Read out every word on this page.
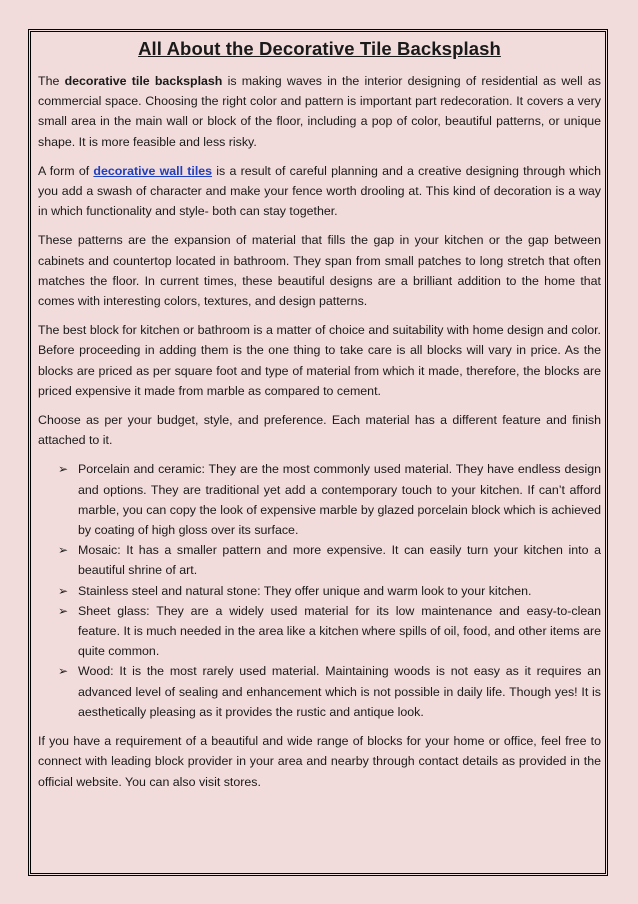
All About the Decorative Tile Backsplash

The decorative tile backsplash is making waves in the interior designing of residential as well as commercial space. Choosing the right color and pattern is important part redecoration. It covers a very small area in the main wall or block of the floor, including a pop of color, beautiful patterns, or unique shape. It is more feasible and less risky.

A form of decorative wall tiles is a result of careful planning and a creative designing through which you add a swash of character and make your fence worth drooling at. This kind of decoration is a way in which functionality and style- both can stay together.

These patterns are the expansion of material that fills the gap in your kitchen or the gap between cabinets and countertop located in bathroom. They span from small patches to long stretch that often matches the floor. In current times, these beautiful designs are a brilliant addition to the home that comes with interesting colors, textures, and design patterns.

The best block for kitchen or bathroom is a matter of choice and suitability with home design and color. Before proceeding in adding them is the one thing to take care is all blocks will vary in price. As the blocks are priced as per square foot and type of material from which it made, therefore, the blocks are priced expensive it made from marble as compared to cement.

Choose as per your budget, style, and preference. Each material has a different feature and finish attached to it.

➢ Porcelain and ceramic: They are the most commonly used material. They have endless design and options. They are traditional yet add a contemporary touch to your kitchen. If can’t afford marble, you can copy the look of expensive marble by glazed porcelain block which is achieved by coating of high gloss over its surface.
➢ Mosaic: It has a smaller pattern and more expensive. It can easily turn your kitchen into a beautiful shrine of art.
➢ Stainless steel and natural stone: They offer unique and warm look to your kitchen.
➢ Sheet glass: They are a widely used material for its low maintenance and easy-to-clean feature. It is much needed in the area like a kitchen where spills of oil, food, and other items are quite common.
➢ Wood: It is the most rarely used material. Maintaining woods is not easy as it requires an advanced level of sealing and enhancement which is not possible in daily life. Though yes! It is aesthetically pleasing as it provides the rustic and antique look.

If you have a requirement of a beautiful and wide range of blocks for your home or office, feel free to connect with leading block provider in your area and nearby through contact details as provided in the official website. You can also visit stores.
